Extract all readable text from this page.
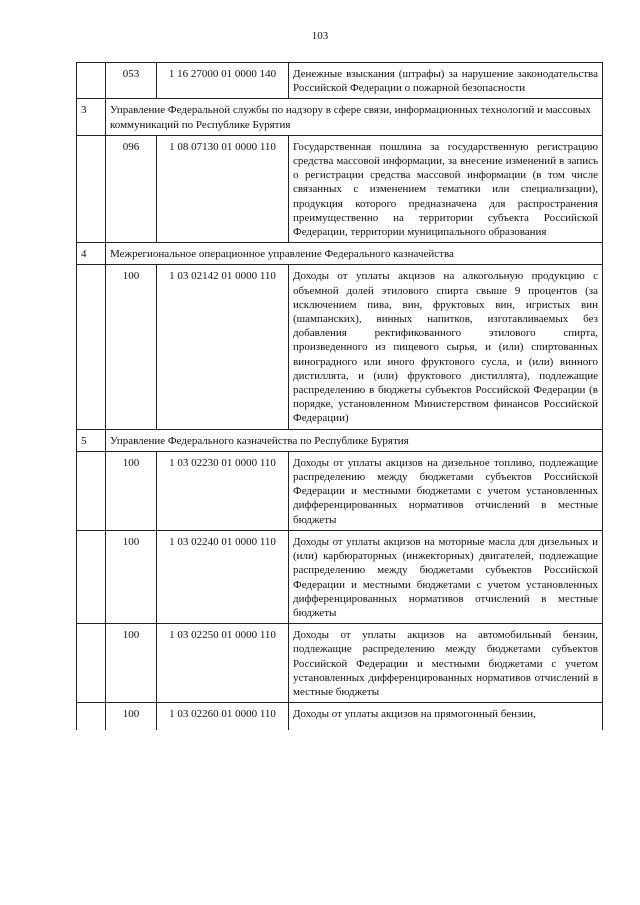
103
	053	1 16 27000 01 0000 140	Денежные взыскания (штрафы) за нарушение законодательства Российской Федерации о пожарной безопасности
3	Управление Федеральной службы по надзору в сфере связи, информационных технологий и массовых коммуникаций по Республике Бурятия		
	096	1 08 07130 01 0000 110	Государственная пошлина за государственную регистрацию средства массовой информации, за внесение изменений в запись о регистрации средства массовой информации (в том числе связанных с изменением тематики или специализации), продукция которого предназначена для распространения преимущественно на территории субъекта Российской Федерации, территории муниципального образования
4	Межрегиональное операционное управление Федерального казначейства		
	100	1 03 02142 01 0000 110	Доходы от уплаты акцизов на алкогольную продукцию с объемной долей этилового спирта свыше 9 процентов (за исключением пива, вин, фруктовых вин, игристых вин (шампанских), винных напитков, изготавливаемых без добавления ректификованного этилового спирта, произведенного из пищевого сырья, и (или) спиртованных виноградного или иного фруктового сусла, и (или) винного дистиллята, и (или) фруктового дистиллята), подлежащие распределению в бюджеты субъектов Российской Федерации (в порядке, установленном Министерством финансов Российской Федерации)
5	Управление Федерального казначейства по Республике Бурятия		
	100	1 03 02230 01 0000 110	Доходы от уплаты акцизов на дизельное топливо, подлежащие распределению между бюджетами субъектов Российской Федерации и местными бюджетами с учетом установленных дифференцированных нормативов отчислений в местные бюджеты
	100	1 03 02240 01 0000 110	Доходы от уплаты акцизов на моторные масла для дизельных и (или) карбюраторных (инжекторных) двигателей, подлежащие распределению между бюджетами субъектов Российской Федерации и местными бюджетами с учетом установленных дифференцированных нормативов отчислений в местные бюджеты
	100	1 03 02250 01 0000 110	Доходы от уплаты акцизов на автомобильный бензин, подлежащие распределению между бюджетами субъектов Российской Федерации и местными бюджетами с учетом установленных дифференцированных нормативов отчислений в местные бюджеты
	100	1 03 02260 01 0000 110	Доходы от уплаты акцизов на прямогонный бензин,
